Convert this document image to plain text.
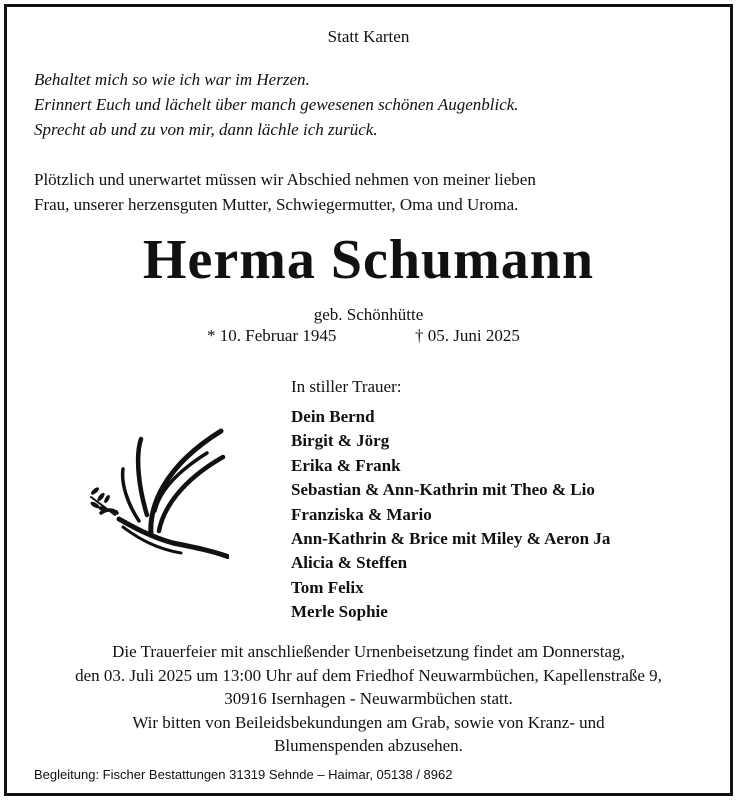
Statt Karten
Behaltet mich so wie ich war im Herzen.
Erinnert Euch und lächelt über manch gewesenen schönen Augenblick.
Sprecht ab und zu von mir, dann lächle ich zurück.
Plötzlich und unerwartet müssen wir Abschied nehmen von meiner lieben
Frau, unserer herzensguten Mutter, Schwiegermutter, Oma und Uroma.
Herma Schumann
geb. Schönhütte
* 10. Februar 1945	† 05. Juni 2025
In stiller Trauer:
Dein Bernd
Birgit & Jörg
Erika & Frank
Sebastian & Ann-Kathrin mit Theo & Lio
Franziska & Mario
Ann-Kathrin & Brice mit Miley & Aeron Ja
Alicia & Steffen
Tom Felix
Merle Sophie

Die Trauerfeier mit anschließender Urnenbeisetzung findet am Donnerstag,

den 03. Juli 2025 um 13:00 Uhr auf dem Friedhof Neuwarmbüchen, Kapellenstraße 9,

30916 Isernhagen - Neuwarmbüchen statt.

Wir bitten von Beileidsbekundungen am Grab, sowie von Kranz- und

Blumenspenden abzusehen.

Begleitung: Fischer Bestattungen 31319 Sehnde – Haimar, 05138 / 8962
